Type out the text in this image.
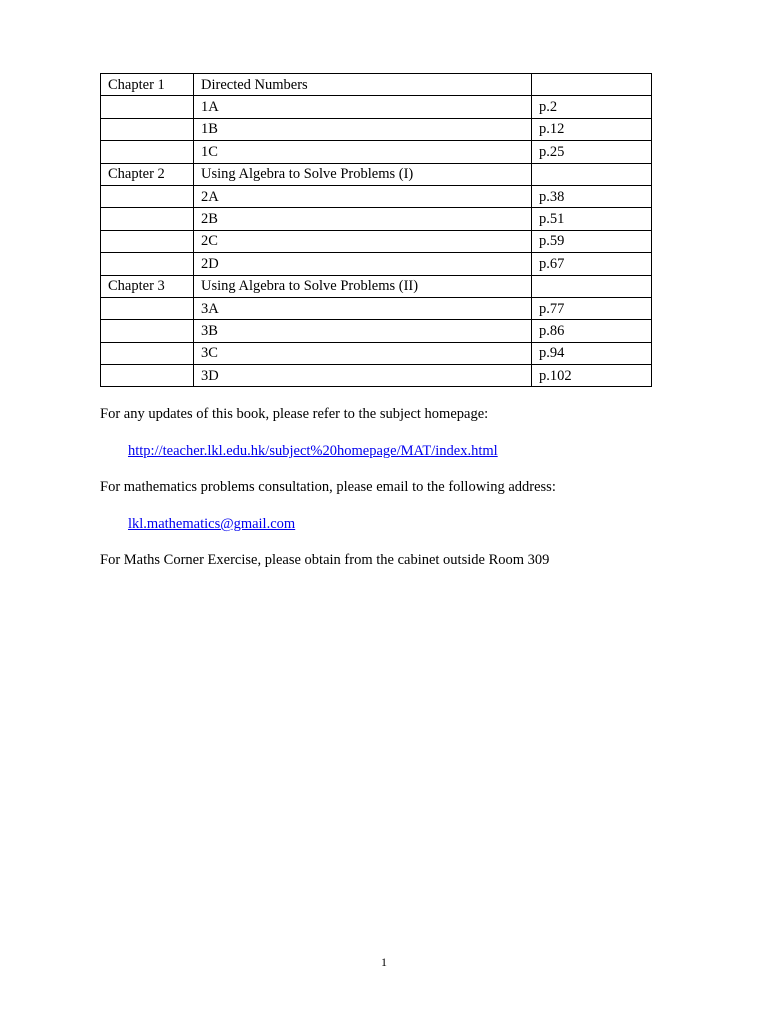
Chapter 1	Directed Numbers	
	1A	p.2
	1B	p.12
	1C	p.25
Chapter 2	Using Algebra to Solve Problems (I)	
	2A	p.38
	2B	p.51
	2C	p.59
	2D	p.67
Chapter 3	Using Algebra to Solve Problems (II)	
	3A	p.77
	3B	p.86
	3C	p.94
	3D	p.102

For any updates of this book, please refer to the subject homepage:

http://teacher.lkl.edu.hk/subject%20homepage/MAT/index.html

For mathematics problems consultation, please email to the following address:

lkl.mathematics@gmail.com

For Maths Corner Exercise, please obtain from the cabinet outside Room 309

1
